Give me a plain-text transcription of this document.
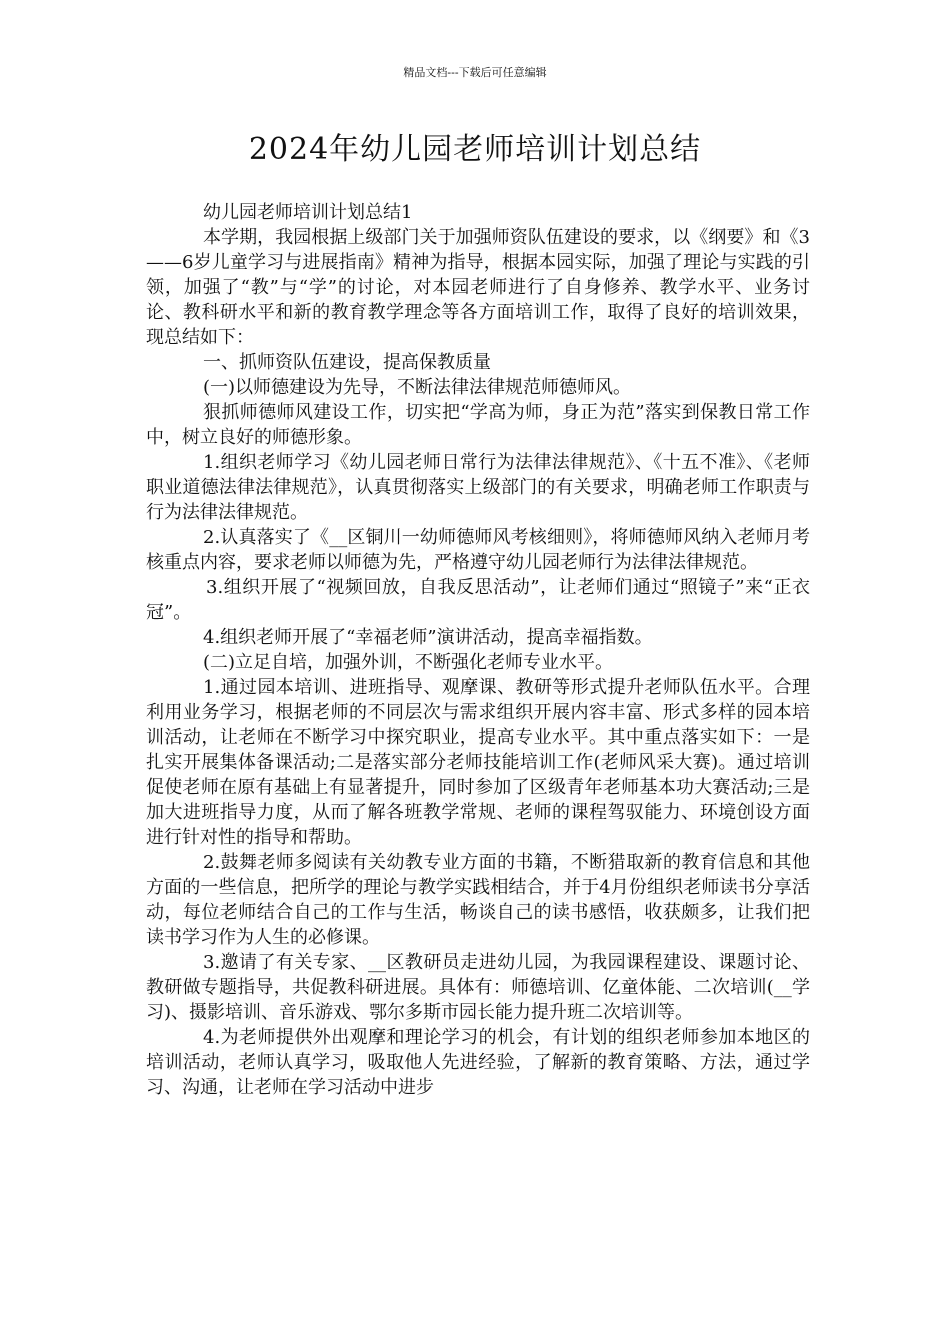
精品文档---下载后可任意编辑
2024年幼儿园老师培训计划总结

幼儿园老师培训计划总结1

本学期，我园根据上级部门关于加强师资队伍建设的要求，以《纲要》和《3——6岁儿童学习与进展指南》精神为指导，根据本园实际，加强了理论与实践的引领，加强了“教”与“学”的讨论，对本园老师进行了自身修养、教学水平、业务讨论、教科研水平和新的教育教学理念等各方面培训工作，取得了良好的培训效果，现总结如下：

一、抓师资队伍建设，提高保教质量

(一)以师德建设为先导，不断法律法律规范师德师风。

狠抓师德师风建设工作，切实把“学高为师，身正为范”落实到保教日常工作中，树立良好的师德形象。

1.组织老师学习《幼儿园老师日常行为法律法律规范》、《十五不准》、《老师职业道德法律法律规范》，认真贯彻落实上级部门的有关要求，明确老师工作职责与行为法律法律规范。

2.认真落实了《__区铜川一幼师德师风考核细则》，将师德师风纳入老师月考核重点内容，要求老师以师德为先，严格遵守幼儿园老师行为法律法律规范。

3.组织开展了“视频回放，自我反思活动”，让老师们通过“照镜子”来“正衣冠”。

4.组织老师开展了“幸福老师”演讲活动，提高幸福指数。

(二)立足自培，加强外训，不断强化老师专业水平。

1.通过园本培训、进班指导、观摩课、教研等形式提升老师队伍水平。合理利用业务学习，根据老师的不同层次与需求组织开展内容丰富、形式多样的园本培训活动，让老师在不断学习中探究职业，提高专业水平。其中重点落实如下：一是扎实开展集体备课活动;二是落实部分老师技能培训工作(老师风采大赛)。通过培训促使老师在原有基础上有显著提升，同时参加了区级青年老师基本功大赛活动;三是加大进班指导力度，从而了解各班教学常规、老师的课程驾驭能力、环境创设方面进行针对性的指导和帮助。

2.鼓舞老师多阅读有关幼教专业方面的书籍，不断猎取新的教育信息和其他方面的一些信息，把所学的理论与教学实践相结合，并于4月份组织老师读书分享活动，每位老师结合自己的工作与生活，畅谈自己的读书感悟，收获颇多，让我们把读书学习作为人生的必修课。

3.邀请了有关专家、__区教研员走进幼儿园，为我园课程建设、课题讨论、教研做专题指导，共促教科研进展。具体有：师德培训、亿童体能、二次培训(__学习)、摄影培训、音乐游戏、鄂尔多斯市园长能力提升班二次培训等。

4.为老师提供外出观摩和理论学习的机会，有计划的组织老师参加本地区的培训活动，老师认真学习，吸取他人先进经验，了解新的教育策略、方法，通过学习、沟通，让老师在学习活动中进步
